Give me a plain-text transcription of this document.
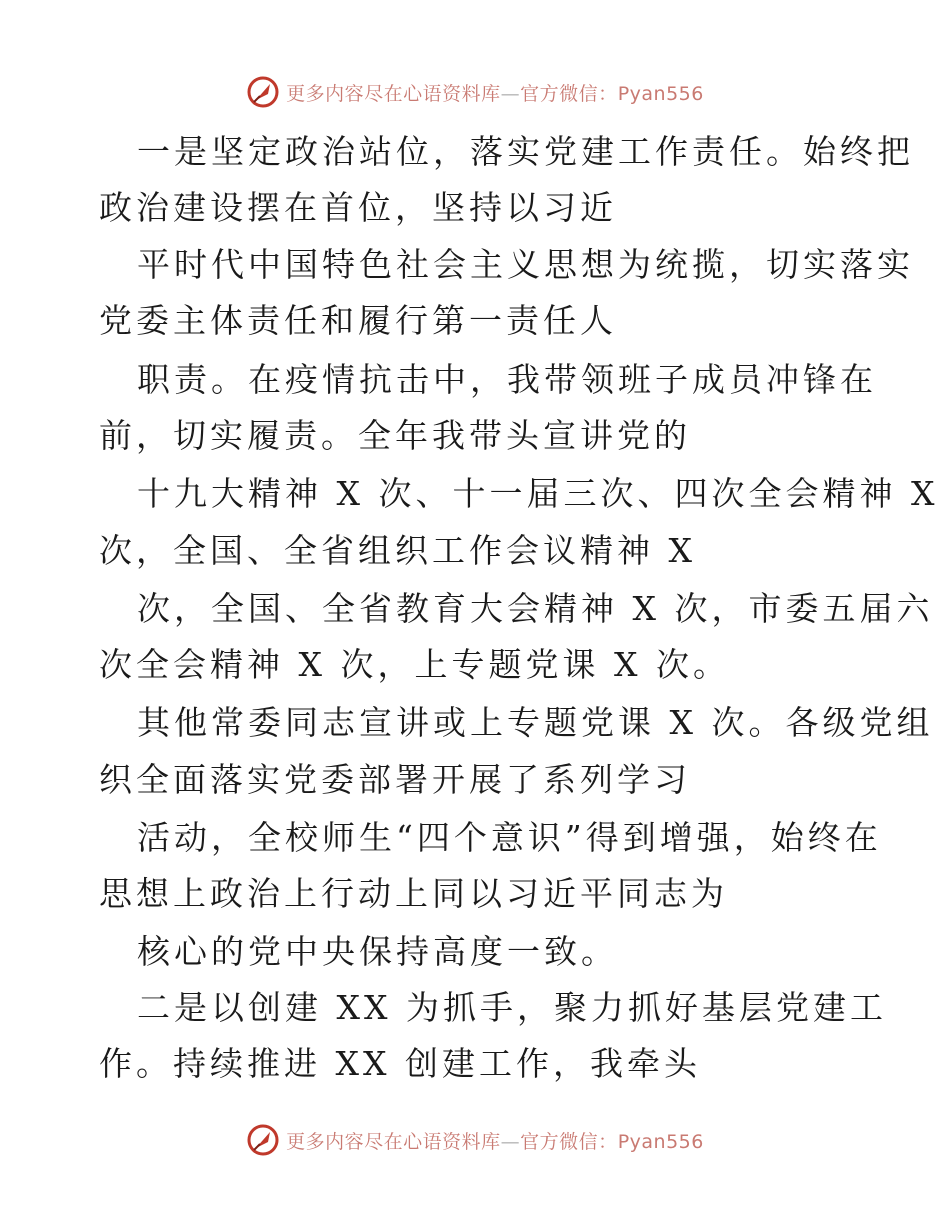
更多内容尽在心语资料库—官方微信：Pyan556
一是坚定政治站位，落实党建工作责任。始终把
政治建设摆在首位，坚持以习近
平时代中国特色社会主义思想为统揽，切实落实
党委主体责任和履行第一责任人
职责。在疫情抗击中，我带领班子成员冲锋在
前，切实履责。全年我带头宣讲党的
十九大精神 X 次、十一届三次、四次全会精神 X
次，全国、全省组织工作会议精神 X
次，全国、全省教育大会精神 X 次，市委五届六
次全会精神 X 次，上专题党课 X 次。
其他常委同志宣讲或上专题党课 X 次。各级党组
织全面落实党委部署开展了系列学习
活动，全校师生“四个意识”得到增强，始终在
思想上政治上行动上同以习近平同志为
核心的党中央保持高度一致。
二是以创建 XX 为抓手，聚力抓好基层党建工
作。持续推进 XX 创建工作，我牵头
更多内容尽在心语资料库—官方微信：Pyan556
